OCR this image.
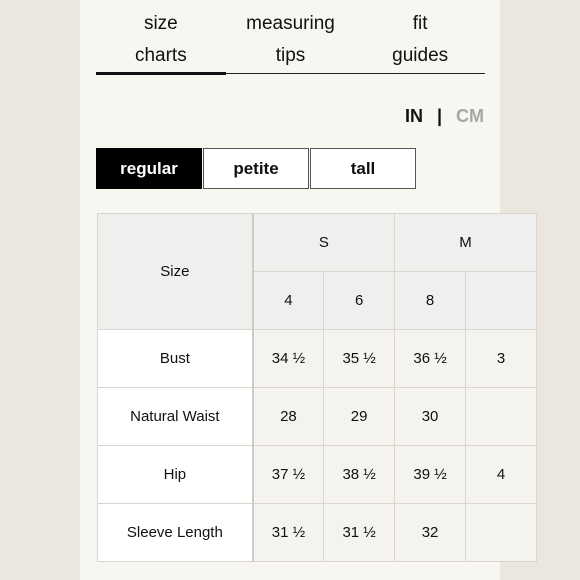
size
charts
measuring
tips
fit
guides
IN | CM
regular	petite	tall
Size	S		M	
	4	6	8	
Bust	34 ½	35 ½	36 ½	3
Natural Waist	28	29	30	
Hip	37 ½	38 ½	39 ½	4
Sleeve Length	31 ½	31 ½	32	
